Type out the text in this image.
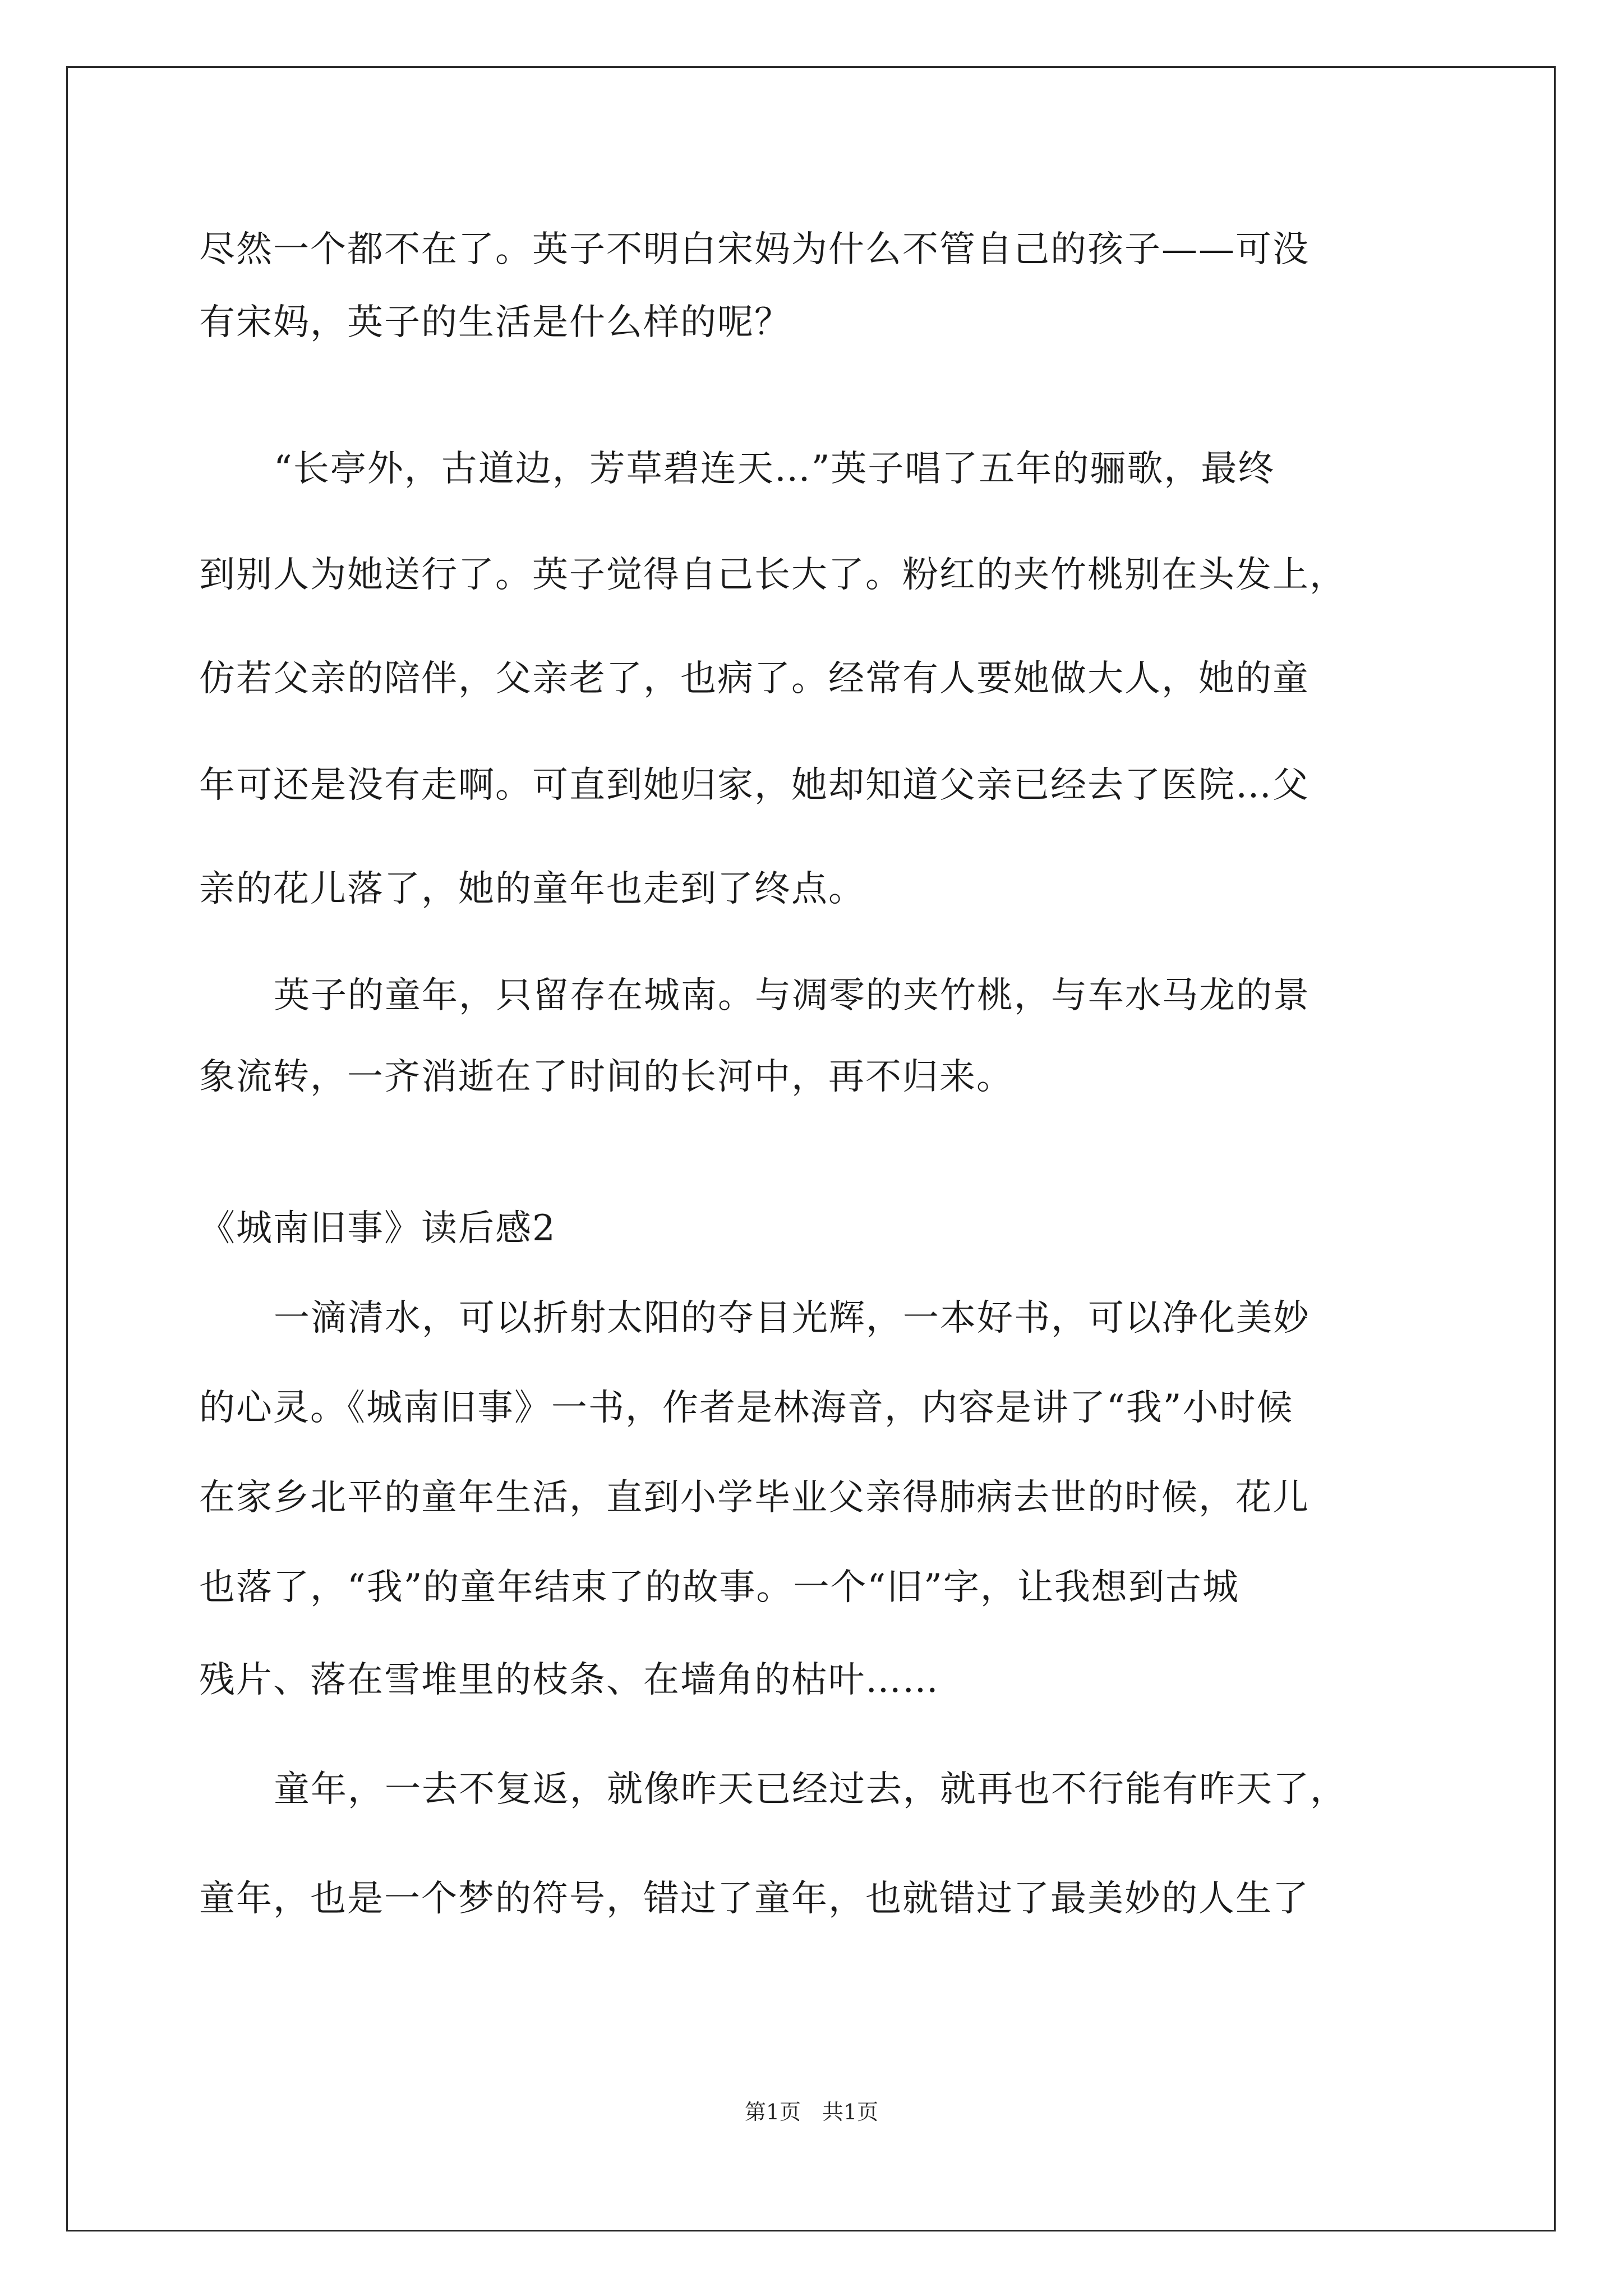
尽然一个都不在了。英子不明白宋妈为什么不管自己的孩子——可没
有宋妈，英子的生活是什么样的呢？
“长亭外，古道边，芳草碧连天…”英子唱了五年的骊歌，最终
到别人为她送行了。英子觉得自己长大了。粉红的夹竹桃别在头发上，
仿若父亲的陪伴，父亲老了，也病了。经常有人要她做大人，她的童
年可还是没有走啊。可直到她归家，她却知道父亲已经去了医院…父
亲的花儿落了，她的童年也走到了终点。
英子的童年，只留存在城南。与凋零的夹竹桃，与车水马龙的景
象流转，一齐消逝在了时间的长河中，再不归来。
《城南旧事》读后感2
一滴清水，可以折射太阳的夺目光辉，一本好书，可以净化美妙
的心灵。《城南旧事》一书，作者是林海音，内容是讲了“我”小时候
在家乡北平的童年生活，直到小学毕业父亲得肺病去世的时候，花儿
也落了，“我”的童年结束了的故事。一个“旧”字，让我想到古城
残片、落在雪堆里的枝条、在墙角的枯叶……
童年，一去不复返，就像昨天已经过去，就再也不行能有昨天了，
童年，也是一个梦的符号，错过了童年，也就错过了最美妙的人生了
第1页　共1页
